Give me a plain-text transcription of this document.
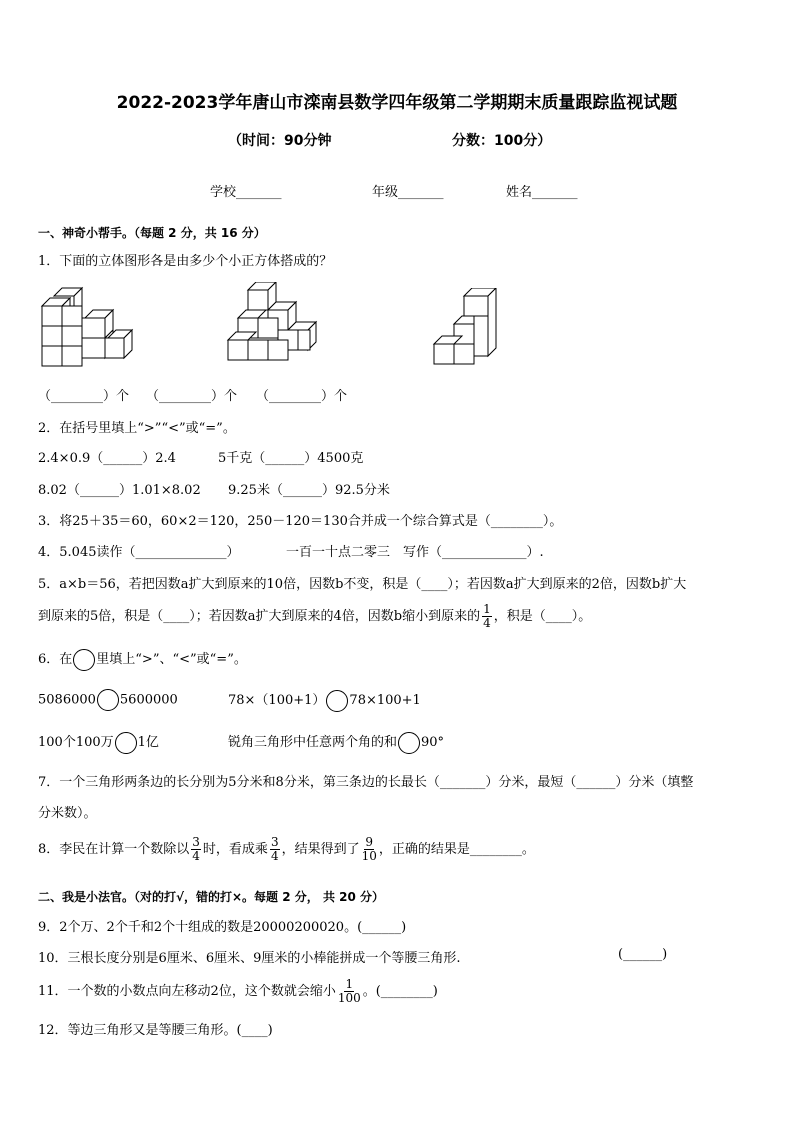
2022-2023学年唐山市滦南县数学四年级第二学期期末质量跟踪监视试题
（时间：90分钟	分数：100分）
学校_______	年级_______	姓名_______
一、神奇小帮手。（每题 2 分，共 16 分）
1．下面的立体图形各是由多少个小正方体搭成的？
（________）个 （________）个 （________）个
2．在括号里填上“>”“<”或“=”。
2.4×0.9（______）2.4	5千克（______）4500克
8.02（______）1.01×8.02 9.25米（______）92.5分米
3．将25＋35＝60，60×2＝120，250－120＝130合并成一个综合算式是（________）。
4．5.045读作（______________）	一百一十点二零三　写作（_____________）.
5．a×b＝56，若把因数a扩大到原来的10倍，因数b不变，积是（____）；若因数a扩大到原来的2倍，因数b扩大
到原来的5倍，积是（____）；若因数a扩大到原来的4倍，因数b缩小到原来的 $\frac{1}{4}$ ，积是（____）。
6．在 里填上“>”、“<”或“=”。
5086000 5600000	78×（100+1） 78×100+1
100个100万 1亿	锐角三角形中任意两个角的和 90°
7．一个三角形两条边的长分别为5分米和8分米，第三条边的长最长（_______）分米，最短（______）分米（填整
分米数）。
8．李民在计算一个数除以 $\frac{3}{4}$ 时，看成乘 $\frac{3}{4}$ ，结果得到了 $\frac{9}{10}$ ，正确的结果是________。
二、我是小法官。（对的打√，错的打×。每题 2 分， 共 20 分）
9．2个万、2个千和2个十组成的数是20000200020。(______)
10．三根长度分别是6厘米、6厘米、9厘米的小棒能拼成一个等腰三角形.	(______)
11．一个数的小数点向左移动2位，这个数就会缩小 $\frac{1}{100}$ 。(________)
12．等边三角形又是等腰三角形。(____)
